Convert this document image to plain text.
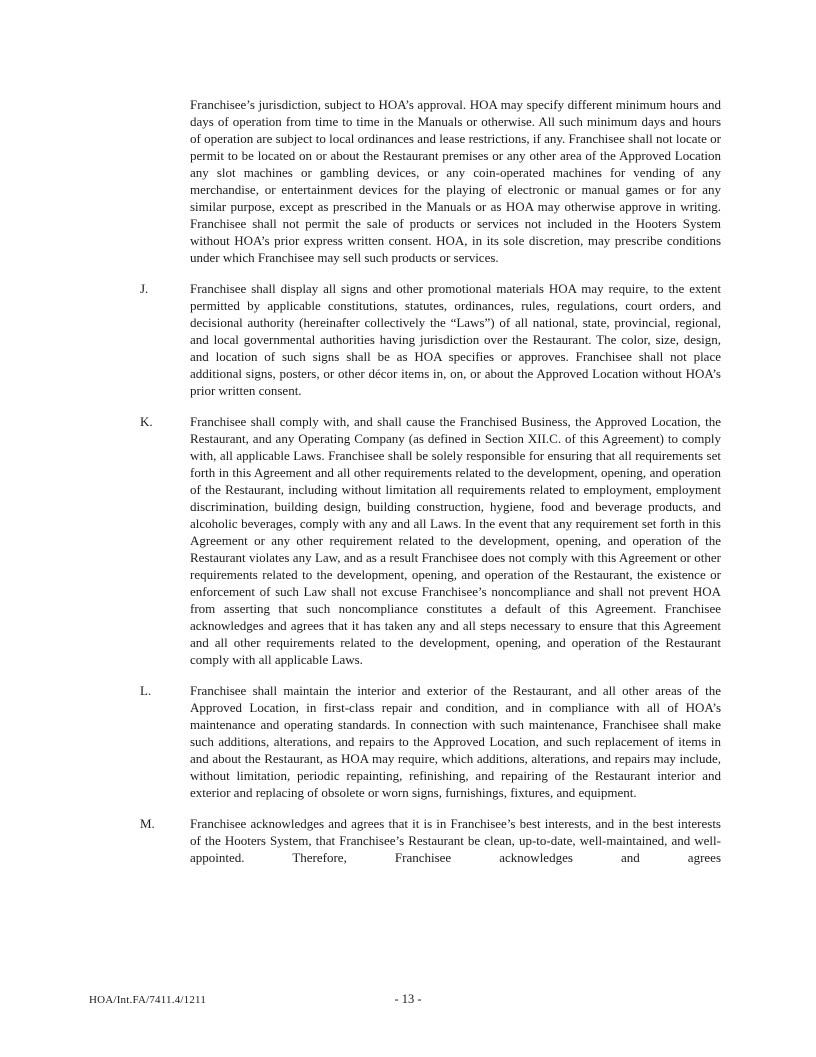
Franchisee’s jurisdiction, subject to HOA’s approval. HOA may specify different minimum hours and days of operation from time to time in the Manuals or otherwise. All such minimum days and hours of operation are subject to local ordinances and lease restrictions, if any. Franchisee shall not locate or permit to be located on or about the Restaurant premises or any other area of the Approved Location any slot machines or gambling devices, or any coin-operated machines for vending of any merchandise, or entertainment devices for the playing of electronic or manual games or for any similar purpose, except as prescribed in the Manuals or as HOA may otherwise approve in writing. Franchisee shall not permit the sale of products or services not included in the Hooters System without HOA’s prior express written consent. HOA, in its sole discretion, may prescribe conditions under which Franchisee may sell such products or services.

J.	Franchisee shall display all signs and other promotional materials HOA may require, to the extent permitted by applicable constitutions, statutes, ordinances, rules, regulations, court orders, and decisional authority (hereinafter collectively the “Laws”) of all national, state, provincial, regional, and local governmental authorities having jurisdiction over the Restaurant. The color, size, design, and location of such signs shall be as HOA specifies or approves. Franchisee shall not place additional signs, posters, or other décor items in, on, or about the Approved Location without HOA’s prior written consent.

K.	Franchisee shall comply with, and shall cause the Franchised Business, the Approved Location, the Restaurant, and any Operating Company (as defined in Section XII.C. of this Agreement) to comply with, all applicable Laws. Franchisee shall be solely responsible for ensuring that all requirements set forth in this Agreement and all other requirements related to the development, opening, and operation of the Restaurant, including without limitation all requirements related to employment, employment discrimination, building design, building construction, hygiene, food and beverage products, and alcoholic beverages, comply with any and all Laws. In the event that any requirement set forth in this Agreement or any other requirement related to the development, opening, and operation of the Restaurant violates any Law, and as a result Franchisee does not comply with this Agreement or other requirements related to the development, opening, and operation of the Restaurant, the existence or enforcement of such Law shall not excuse Franchisee’s noncompliance and shall not prevent HOA from asserting that such noncompliance constitutes a default of this Agreement. Franchisee acknowledges and agrees that it has taken any and all steps necessary to ensure that this Agreement and all other requirements related to the development, opening, and operation of the Restaurant comply with all applicable Laws.

L.	Franchisee shall maintain the interior and exterior of the Restaurant, and all other areas of the Approved Location, in first-class repair and condition, and in compliance with all of HOA’s maintenance and operating standards. In connection with such maintenance, Franchisee shall make such additions, alterations, and repairs to the Approved Location, and such replacement of items in and about the Restaurant, as HOA may require, which additions, alterations, and repairs may include, without limitation, periodic repainting, refinishing, and repairing of the Restaurant interior and exterior and replacing of obsolete or worn signs, furnishings, fixtures, and equipment.

M.	Franchisee acknowledges and agrees that it is in Franchisee’s best interests, and in the best interests of the Hooters System, that Franchisee’s Restaurant be clean, up-to-date, well-maintained, and well-appointed. Therefore, Franchisee acknowledges and agrees

HOA/Int.FA/7411.4/1211	- 13 -
